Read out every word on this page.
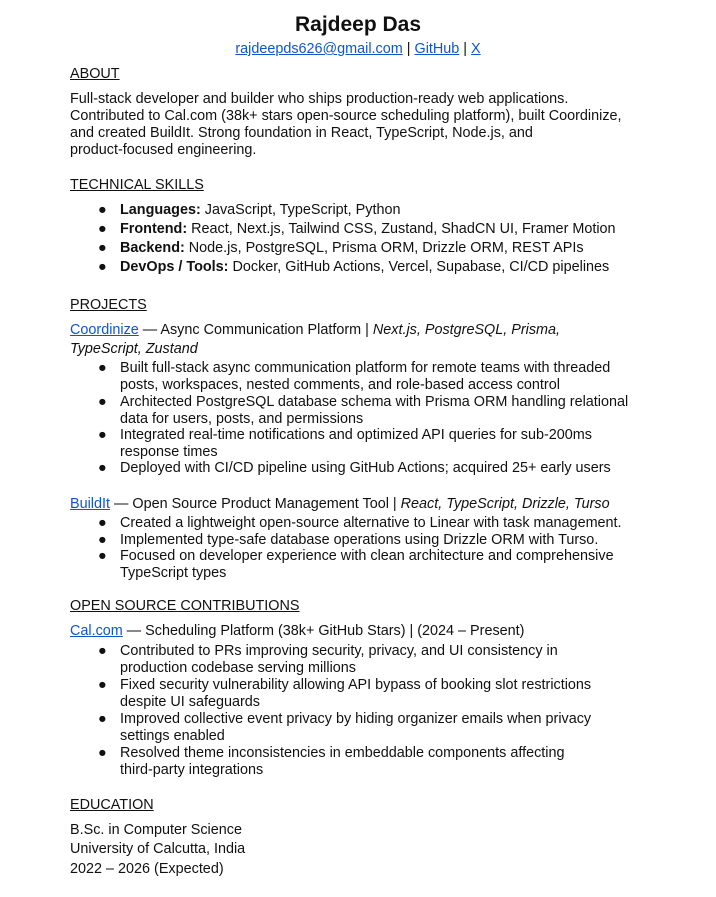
Rajdeep Das
rajdeepds626@gmail.com | GitHub | X
ABOUT
Full-stack developer and builder who ships production-ready web applications.
Contributed to Cal.com (38k+ stars open-source scheduling platform), built Coordinize,
and created BuildIt. Strong foundation in React, TypeScript, Node.js, and
product-focused engineering.
TECHNICAL SKILLS
● Languages: JavaScript, TypeScript, Python
● Frontend: React, Next.js, Tailwind CSS, Zustand, ShadCN UI, Framer Motion
● Backend: Node.js, PostgreSQL, Prisma ORM, Drizzle ORM, REST APIs
● DevOps / Tools: Docker, GitHub Actions, Vercel, Supabase, CI/CD pipelines
PROJECTS
Coordinize — Async Communication Platform | Next.js, PostgreSQL, Prisma,
TypeScript, Zustand
● Built full-stack async communication platform for remote teams with threaded
posts, workspaces, nested comments, and role-based access control
● Architected PostgreSQL database schema with Prisma ORM handling relational
data for users, posts, and permissions
● Integrated real-time notifications and optimized API queries for sub-200ms
response times
● Deployed with CI/CD pipeline using GitHub Actions; acquired 25+ early users
BuildIt — Open Source Product Management Tool | React, TypeScript, Drizzle, Turso
● Created a lightweight open-source alternative to Linear with task management.
● Implemented type-safe database operations using Drizzle ORM with Turso.
● Focused on developer experience with clean architecture and comprehensive
TypeScript types
OPEN SOURCE CONTRIBUTIONS
Cal.com — Scheduling Platform (38k+ GitHub Stars) | (2024 – Present)
● Contributed to PRs improving security, privacy, and UI consistency in
production codebase serving millions
● Fixed security vulnerability allowing API bypass of booking slot restrictions
despite UI safeguards
● Improved collective event privacy by hiding organizer emails when privacy
settings enabled
● Resolved theme inconsistencies in embeddable components affecting
third-party integrations
EDUCATION
B.Sc. in Computer Science
University of Calcutta, India
2022 – 2026 (Expected)
